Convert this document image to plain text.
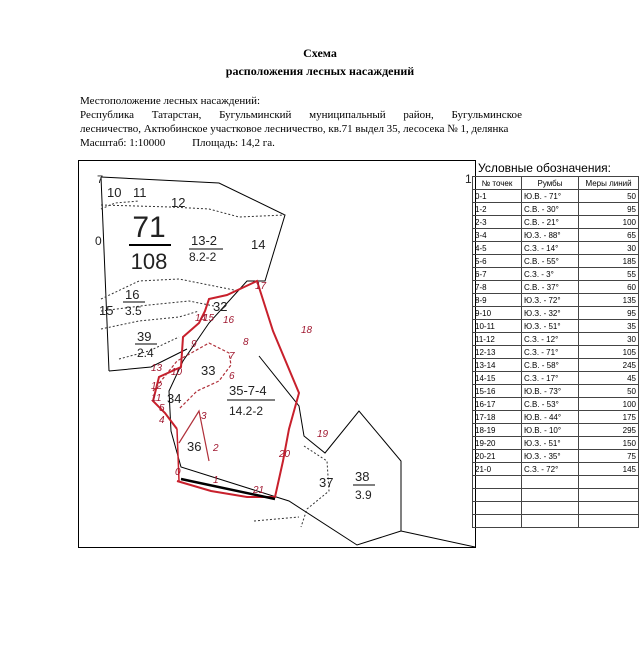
Схема
расположения лесных насаждений
Местоположение лесных насаждений:
Республика Татарстан, Бугульминский муниципальный район, Бугульминское
лесничество, Актюбинское участковое лесничество, кв.71 выдел 35, лесосека № 1, делянка
Масштаб: 1:10000 Площадь: 14,2 га.
71
108
10 11
12
13-2
8.2-2
14
15
16
3.5	32
39
2.4
33
34
35-7-4
14.2-2
36
37 38
3.9
0
7	1
0
1
2
3
4
5
6
7
8
9
10
11
12
13
14
15 16
17
18
19
20
21
Условные обозначения:
№ точек	Румбы	Меры линий
0-1	Ю.В. - 71°	50
1-2	С.В. - 30°	95
2-3	С.В. - 21°	100
3-4	Ю.З. - 88°	65
4-5	С.З. - 14°	30
5-6	С.В. - 55°	185
6-7	С.З. - 3°	55
7-8	С.В. - 37°	60
8-9	Ю.З. - 72°	135
9-10	Ю.З. - 32°	95
10-11	Ю.З. - 51°	35
11-12	С.З. - 12°	30
12-13	С.З. - 71°	105
13-14	С.В. - 58°	245
14-15	С.З. - 17°	45
15-16	Ю.В. - 73°	50
16-17	С.В. - 53°	100
17-18	Ю.В. - 44°	175
18-19	Ю.В. - 10°	295
19-20	Ю.З. - 51°	150
20-21	Ю.З. - 35°	75
21-0	С.З. - 72°	145
